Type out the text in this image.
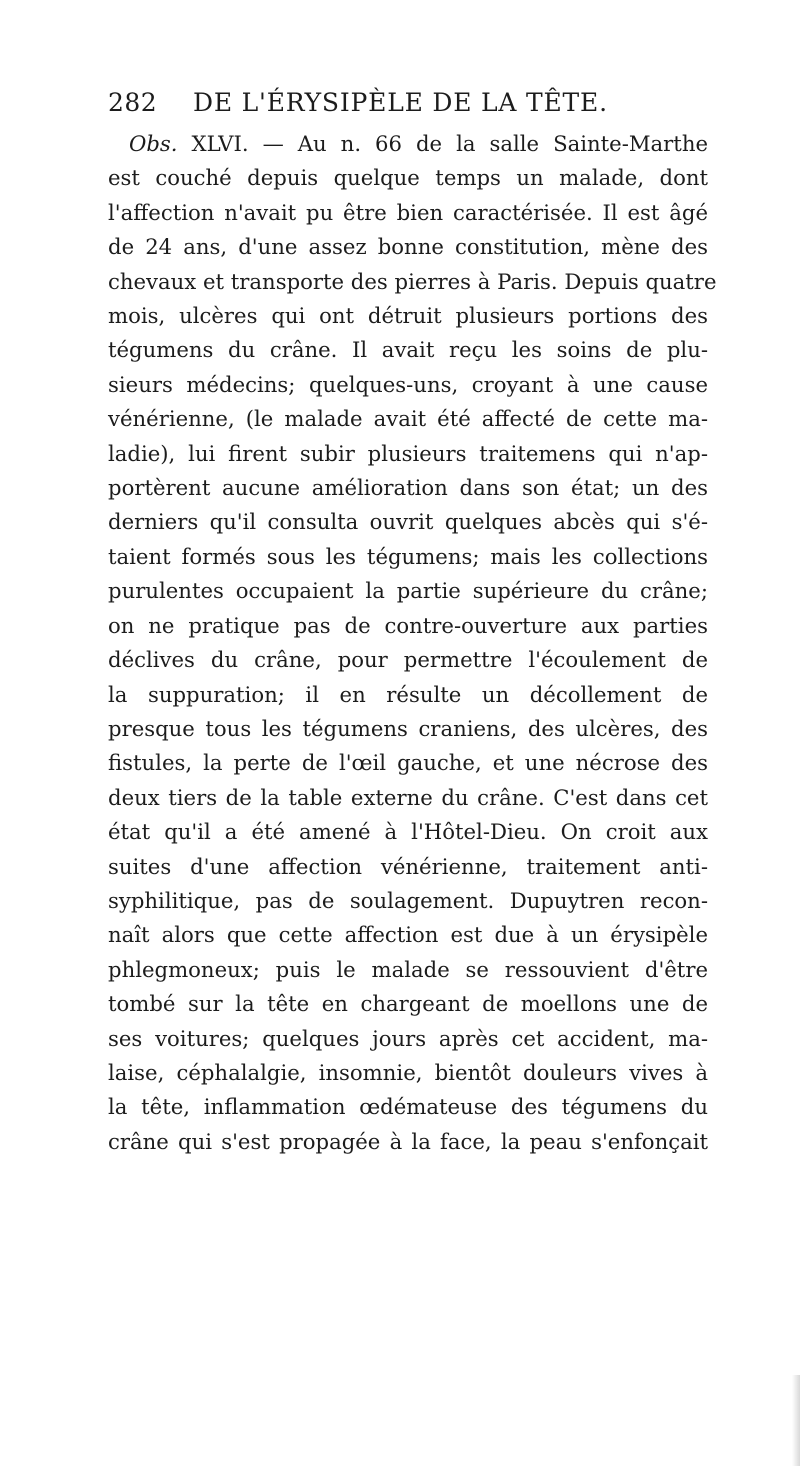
282	DE L'ÉRYSIPÈLE DE LA TÊTE.
Obs. XLVI. — Au n. 66 de la salle Sainte-Marthe
est couché depuis quelque temps un malade, dont
l'affection n'avait pu être bien caractérisée. Il est âgé
de 24 ans, d'une assez bonne constitution, mène des
chevaux et transporte des pierres à Paris. Depuis quatre
mois, ulcères qui ont détruit plusieurs portions des
tégumens du crâne. Il avait reçu les soins de plu-
sieurs médecins; quelques-uns, croyant à une cause
vénérienne, (le malade avait été affecté de cette ma-
ladie), lui firent subir plusieurs traitemens qui n'ap-
portèrent aucune amélioration dans son état; un des
derniers qu'il consulta ouvrit quelques abcès qui s'é-
taient formés sous les tégumens; mais les collections
purulentes occupaient la partie supérieure du crâne;
on ne pratique pas de contre-ouverture aux parties
déclives du crâne, pour permettre l'écoulement de
la suppuration; il en résulte un décollement de
presque tous les tégumens craniens, des ulcères, des
fistules, la perte de l'œil gauche, et une nécrose des
deux tiers de la table externe du crâne. C'est dans cet
état qu'il a été amené à l'Hôtel-Dieu. On croit aux
suites d'une affection vénérienne, traitement anti-
syphilitique, pas de soulagement. Dupuytren recon-
naît alors que cette affection est due à un érysipèle
phlegmoneux; puis le malade se ressouvient d'être
tombé sur la tête en chargeant de moellons une de
ses voitures; quelques jours après cet accident, ma-
laise, céphalalgie, insomnie, bientôt douleurs vives à
la tête, inflammation œdémateuse des tégumens du
crâne qui s'est propagée à la face, la peau s'enfonçait
